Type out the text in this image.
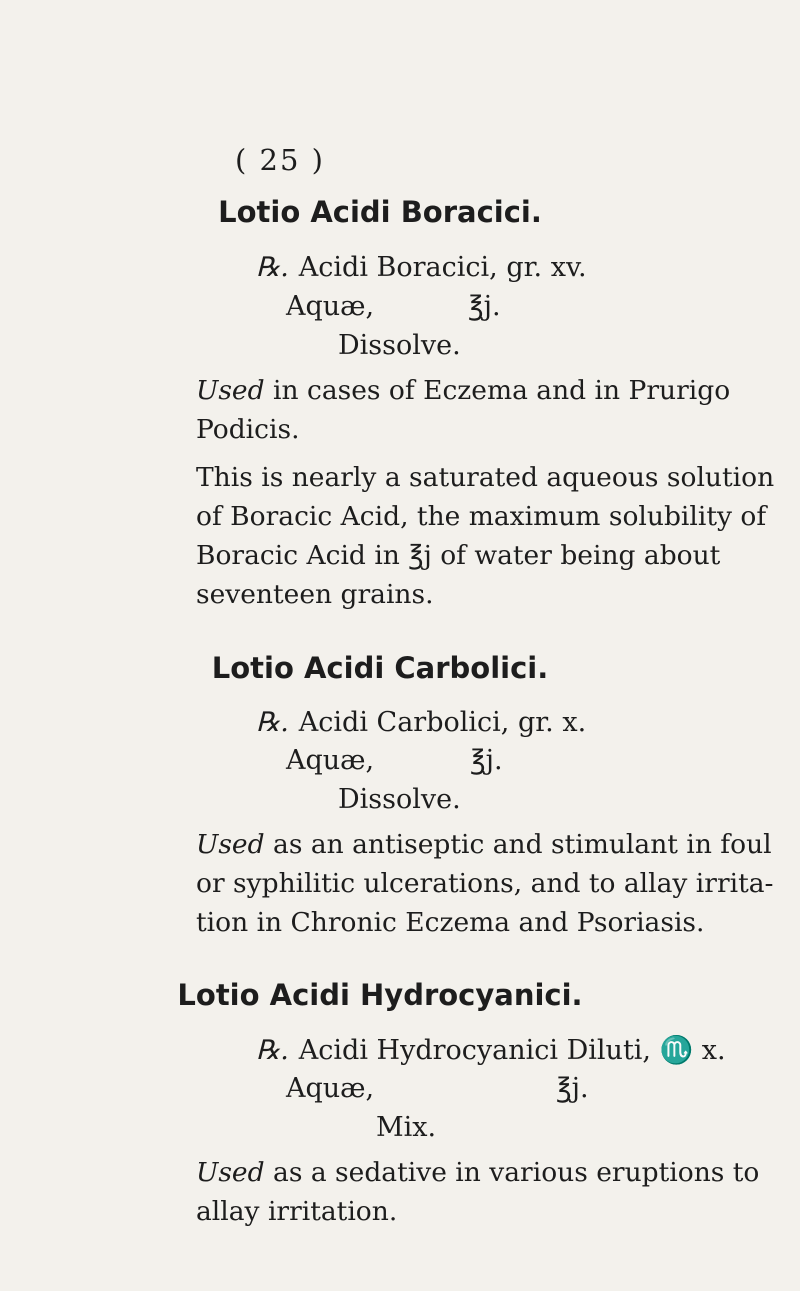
( 25 )
Lotio Acidi Boracici.
℞. Acidi Boracici, gr. xv.
Aquæ,	℥j.
Dissolve.
Used in cases of Eczema and in Prurigo
Podicis.
This is nearly a saturated aqueous solution
of Boracic Acid, the maximum solubility of
Boracic Acid in ℥j of water being about
seventeen grains.
Lotio Acidi Carbolici.
℞. Acidi Carbolici, gr. x.
Aquæ,	℥j.
Dissolve.
Used as an antiseptic and stimulant in foul
or syphilitic ulcerations, and to allay irrita-
tion in Chronic Eczema and Psoriasis.
Lotio Acidi Hydrocyanici.
℞. Acidi Hydrocyanici Diluti, ♏ x.
Aquæ,	℥j.
Mix.
Used as a sedative in various eruptions to
allay irritation.
